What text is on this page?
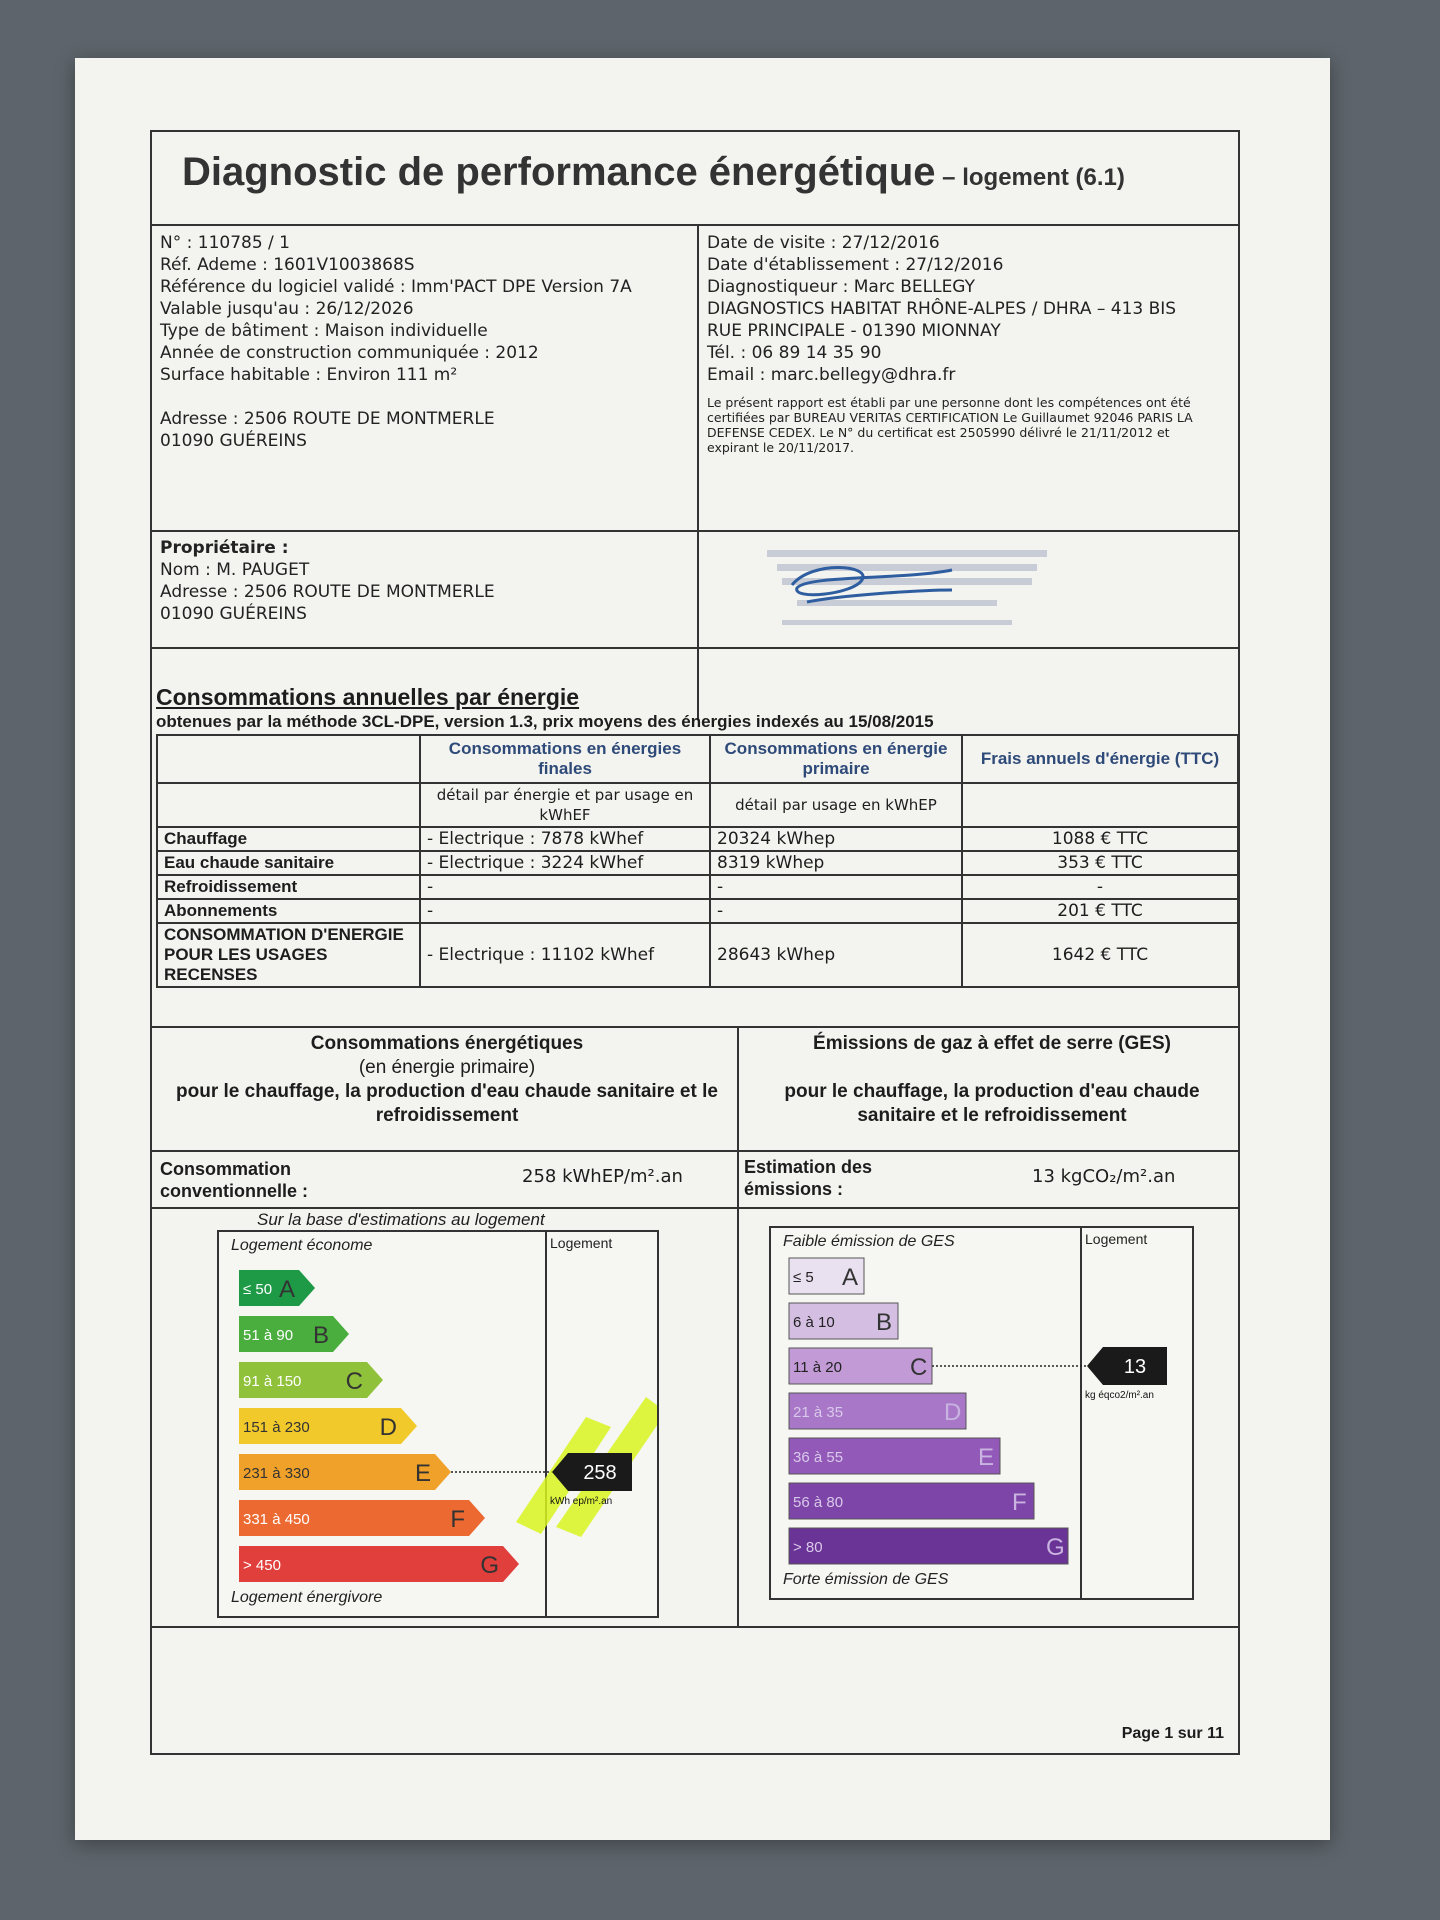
Diagnostic de performance énergétique – logement (6.1)
N° : 110785 / 1
Réf. Ademe : 1601V1003868S
Référence du logiciel validé : Imm'PACT DPE Version 7A
Valable jusqu'au : 26/12/2026
Type de bâtiment : Maison individuelle
Année de construction communiquée : 2012
Surface habitable : Environ 111 m²
Adresse : 2506 ROUTE DE MONTMERLE
01090 GUÉREINS
Date de visite : 27/12/2016
Date d'établissement : 27/12/2016
Diagnostiqueur : Marc BELLEGY
DIAGNOSTICS HABITAT RHÔNE-ALPES / DHRA – 413 BIS
RUE PRINCIPALE - 01390 MIONNAY
Tél. : 06 89 14 35 90
Email : marc.bellegy@dhra.fr
Le présent rapport est établi par une personne dont les compétences ont été certifiées par BUREAU VERITAS CERTIFICATION Le Guillaumet 92046 PARIS LA DEFENSE CEDEX. Le N° du certificat est 2505990 délivré le 21/11/2012 et expirant le 20/11/2017.
Propriétaire :
Nom : M. PAUGET
Adresse : 2506 ROUTE DE MONTMERLE
01090 GUÉREINS
Consommations annuelles par énergie
obtenues par la méthode 3CL-DPE, version 1.3, prix moyens des énergies indexés au 15/08/2015
	Consommations en énergies finales	Consommations en énergie primaire	Frais annuels d'énergie (TTC)
	détail par énergie et par usage en kWhEF	détail par usage en kWhEP	
Chauffage	- Electrique : 7878 kWhef	20324 kWhep	1088 € TTC
Eau chaude sanitaire	- Electrique : 3224 kWhef	8319 kWhep	353 € TTC
Refroidissement	-	-	-
Abonnements	-	-	201 € TTC
CONSOMMATION D'ENERGIE POUR LES USAGES RECENSES	- Electrique : 11102 kWhef	28643 kWhep	1642 € TTC
Consommations énergétiques
(en énergie primaire)
pour le chauffage, la production d'eau chaude sanitaire et le refroidissement
Émissions de gaz à effet de serre (GES)
pour le chauffage, la production d'eau chaude sanitaire et le refroidissement
Consommation conventionnelle :
258 kWhEP/m².an	Estimation des émissions :
13 kgCO₂/m².an
Sur la base d'estimations au logement
Logement
Logement économe
Logement énergivore
≤ 50 A
51 à 90 B
91 à 150 C
151 à 230	D
231 à 330	E
331 à 450	F
> 450	G
258
kWh ep/m².an
Logement
Faible émission de GES
Forte émission de GES
≤ 5 A
6 à 10 B
11 à 20	C
21 à 35	D
36 à 55	E
56 à 80	F
> 80	G
13
kg éqco2/m².an
Page 1 sur 11
